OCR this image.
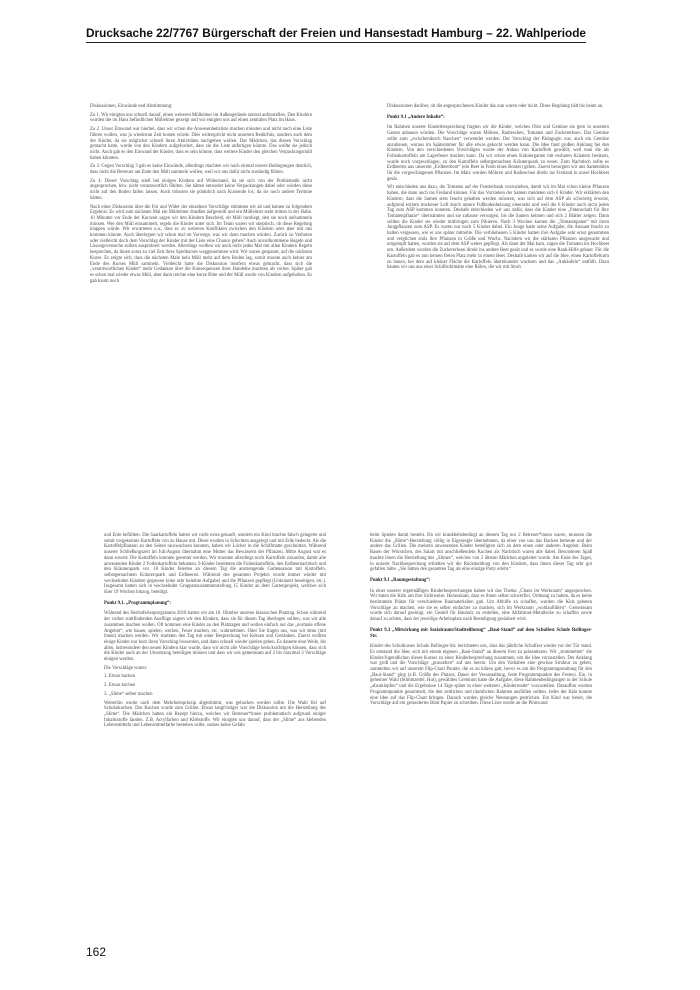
Drucksache 22/7767 Bürgerschaft der Freien und Hansestadt Hamburg – 22. Wahlperiode

Diskussionen, Einwände und Abstimmung:

Zu 1. Wir einigten uns schnell darauf, einen weiteren Mülleimer im Außengelände zentral aufzustellen. Den Kindern wurden die im Haus befindlichen Mülleimer gezeigt und wir einigten uns auf einen zentralen Platz im Haus.

Zu 2. Unser Einwand war hierbei, dass wir schon die Anwesenheitsliste machen müssten und nicht noch eine Liste führen wollen, was ja wiederum Zeit kosten würde. Dies widerspricht nicht unserem Bedürfnis, sondern auch dem der Kinder, da sie möglichst schnell ihren Aktivitäten nachgehen wollen. Das Mädchen, das diesen Vorschlag gemacht hatte, wurde von den Kindern aufgefordert, dass sie die Liste anfertigen könnte. Das wollte sie jedoch nicht. Auch gab es den Einwand der Kinder, dass es sein könnte, dass weitere Kinder den gleichen Verpackungsmüll haben könnten.

Zu 3. Gegen Vorschlag 3 gab es keine Einwände, allerdings machten wir noch einmal unsere Bedingungen deutlich, dass nicht die Betreuer am Ende den Müll sammeln wollen, weil wir uns dafür nicht zuständig fühlen.

Zu 4: Dieser Vorschlag stieß bei einigen Kindern auf Widerstand, da sie sich von der Problematik nicht angesprochen, bzw. nicht verantwortlich fühlten. Sie hätten entweder keine Verpackungen dabei oder würden diese nicht auf den Boden fallen lassen. Auch müssten sie pünktlich nach Kursende los, da sie noch andere Termine hätten.

Nach einer Diskussion über die Für und Wider der einzelnen Vorschläge stimmten wir ab und kamen zu folgendem Ergebnis: Es wird zum nächsten Mal ein Mülleimer draußen aufgestellt und ein Mülleimer steht mitten in der Halle. 10 Minuten vor Ende der Kurszeit sagen wir den Kindern Bescheid, ob Müll rumliegt, den sie noch aufsammeln müssen. Wer den Müll einsammelt, regeln die Kinder unter sich. Im Team waren wir skeptisch, ob diese Regelung klappen würde. Wir erwarteten u.a., dass es zu weiteren Konflikten zwischen den Kindern oder aber mit uns kommen könnte. Auch überlegten wir schon mal im Vorwege, was wir dann machen würden. Zurück zu Verboten oder vielleicht doch dem Vorschlag der Kinder mit der Liste eine Chance geben? Auch unvollkommene Regeln und Lösungsversuche sollten ausprobiert werden. Allerdings wollten wir auch nicht jedes Mal mit allen Kindern Regeln besprechen, da ihnen sonst zu viel Zeit ihres Spielkurses weggenommen wird. Wir waren gespannt, auf die nächsten Kurse. Es zeigte sich, dass die nächsten Male kein Müll mehr auf dem Boden lag, somit musste auch keiner am Ende des Kurses Müll sammeln. Vielleicht hatte die Diskussion insofern etwas gebracht, dass sich die „verantwortlichen Kinder“ mehr Gedanken über die Konsequenzen ihres Handelns machten als vorher. Später gab es schon mal wieder etwas Müll, aber dann reichte eine kurze Bitte und der Müll wurde von Kindern aufgehoben. Es gab kaum noch

Diskussionen darüber, ob die angesprochenen Kinder das nun waren oder nicht. Diese Regelung hält bis heute an.

Punkt 9.1 „Andere Inhalte“:

Im Rahmen unserer Kinderbesprechung fragten wir die Kinder, welches Obst und Gemüse sie gern in unserem Garten anbauen würden. Die Vorschläge waren Möhren, Radieschen, Tomaten und Zuckererbsen. Das Gemüse sollte zum „zwischendurch Naschen“ verwendet werden. Der Vorschlag der Pädagogin war, auch ein Gemüse anzubauen, woraus im Spätsommer für alle etwas gekocht werden kann. Die Idee fand großen Anklang bei den Kindern. Von den verschiedenen Vorschlägen wurde der Anbau von Kartoffeln gewählt, weil man die als Folienkartoffeln am Lagerfeuer machen kann. Da wir schon einen Kräutergarten mit essbaren Kräutern besitzen, wurde noch vorgeschlagen, zu den Kartoffeln selbstgemachten Kräuterquark zu essen. Zum Nachtisch sollte es Erdbeeren aus unserem „Erdbeerboot“ (ein Beet in Form eines Bootes) geben. Zuerst besorgten wir uns Samentüten für die vorgeschlagenen Pflanzen. Im März wurden Möhren und Radieschen direkt ins Freiland in unser Hochbeet gesät.

Wir entschieden uns dazu, die Tomaten auf der Fensterbank vorzuziehen, damit wir im Mai schon kleine Pflanzen haben, die dann auch ins Freiland können. Für das Vorziehen der Samen meldeten sich 6 Kinder. Wir erklärten den Kindern, dass die Samen stets feucht gehalten werden müssten, was sich auf dem ASP als schwierig erweist, aufgrund extrem trockener Luft durch unsere Fußbodenheizung einerseits und weil die 6 Kinder auch nicht jeden Tag zum ASP kommen konnten. Deshalb entschieden wir uns dafür, dass die Kinder eine „Patenschaft für Ihre Tomatenpflanze“ übernahmen und sie zuhause versorgen, bis die Samen keimen und sich 2 Blätter zeigen. Dann sollten die Kinder sie wieder mitbringen zum Pikieren. Nach 3 Wochen kamen die „Tomatenpaten“ mit ihren Jungpflanzen zum ASP. Es waren nur noch 5 Kinder dabei. Ein Junge hatte seine Aufgabe, die Aussaat feucht zu halten vergessen, wie er uns später mitteilte. Die verbliebenen 5 Kinder hatten ihre Aufgabe sehr ernst genommen und verglichen stolz ihre Pflanzen in Größe und Wuchs. Nachdem wir die stärksten Pflanzen ausgesucht und umgetopft hatten, wurden sie auf dem ASP weiter gepflegt. Als dann der Mai kam, zogen die Tomaten ins Hochbeet um. Außerdem wurden die Zuckererbsen direkt ins andere Beet gesät und es wurde eine Rank-Hilfe gebaut. Für die Kartoffeln gab es nun keinen freien Platz mehr in einem Beet. Deshalb kamen wir auf die Idee, einen Kartoffelturm zu bauen, bei dem auf kleiner Fläche die Kartoffeln übereinander wachsen und das „Anhäufeln“ entfällt. Dazu bauten wir uns aus einer Schilfrohrmatte eine Röhre, die wir mit Stroh

und Erde befüllten. Die Saatkartoffeln hatten wir nicht extra gekauft, sondern ein Kind brachte falsch gelagerte und somit vorgekeimte Kartoffeln von zu Hause mit. Diese wurden in Schichten ausgelegt und mit Erde bedeckt. Als die Kartoffelpflanzen an den Seiten rauswachsen konnten, haben wir Löcher in die Schilfmatte geschnitten. Während unserer Schließungszeit im Juli/August übernahm eine Mutter das Bewässern der Pflanzen. Mitte August war es dann soweit: Die Kartoffeln konnten geerntet werden. Wir mussten allerdings noch Kartoffeln zukaufen, damit alle anwesenden Kinder 2 Folienkartoffeln bekamen. 9 Kinder bereiteten die Folienkartoffeln, den Erdbeernachtisch und den Kräuterquark vor. 18 Kinder feierten an diesem Tag die anstrengende Gartensaison mit Kartoffeln, selbstgemachtem Kräuterquark und Erdbeeren. Während des gesamten Projekts wurde immer wieder mit wechselnden Kindern gegossen (eine sehr beliebte Aufgabe) und die Pflanzen gepflegt (Unkräuter beseitigen, etc.). Insgesamt hatten sich in wechselnder Gruppenzusammenstellung 15 Kinder an dem Gartenprojekt, welches sich über 19 Wochen hinzog, beteiligt.

Punkt 9.1. „Programmplanung“:

Während des Herbstferienprogramms 2018 hatten wir am 10. Oktober unseren klassischen Platztag. Schon während der vorher stattfindenden Ausflüge sagten wir den Kindern, dass sie für diesen Tag überlegen sollten, was wir alle zusammen machen wollen. Oft kommen eine Kinder an den Platztagen und wollen einfach nur das „normale offene Angebot“, wie bauen, spielen, werken, Feuer machen, etc. wahrnehmen. Oder Sie fragen uns, was wir denn (mit ihnen) machen werden. Wir starteten den Tag mit einer Besprechung bei Keksen und Getränken. Zuerst wollten einige Kinder nur kurz ihren Vorschlag loswerden, und dann schnell wieder spielen gehen. Es dauerte eine Weile, bis allen, insbesondere den neuen Kindern klar wurde, dass wir nicht alle Vorschläge berücksichtigen können, dass sich die Kinder auch an der Umsetzung beteiligen müssen und dass wir uns gemeinsam auf 2 bis maximal 3 Vorschläge einigen werden.

Die Vorschläge waren:

1. Etwas backen

2. Etwas kochen

3. „Slime“ selber machen

Weiterhin wurde nach dem Mehrheitsprinzip abgestimmt, was gebacken werden sollte. Die Wahl fiel auf Schokokuchen. Das Kochen wurde zum Grillen. Etwas langfristiger war die Diskussion um die Herstellung des „Slime“. Die Mädchen hatten ein Rezept hierzu, welches wir Betreuer*innen problematisch aufgrund einiger Inhaltsstoffe fanden. Z.B. Acrylfarben und Klebstoffe. Wir einigten uns darauf, dass der „Slime“ aus klebenden Lebensmitteln und Lebensmittelfarbe bestehen sollte, sodass keine Gefahr

beim Spielen damit besteht. Da wir krankheitsbedingt an diesem Tag nur 2 Betreuer*innen waren, mussten die Kinder die „Slime“-Herstellung völlig in Eigenregie übernehmen, da einer von uns das Backen betreute und der andere das Grillen. Die meisten anwesenden Kinder beteiligten sich an dem einen oder anderen Angebot. Beim Rasen der Würstchen, des Salats mit anschließendem Kuchen als Nachtisch waren alle dabei. Besonderen Spaß machte ihnen die Herstellung des „Slimes“, welches von 2 älteren Mädchen angeleitet wurde. Am Ende des Tages, in unserer Nachbesprechung erhielten wir die Rückmeldung von den Kindern, dass ihnen dieser Tag sehr gut gefallen hätte. „Sie hätten den gesamten Tag als eine einzige Party erlebt.“

Punkt 9.1 „Raumgestaltung“:

In einer unserer regelmäßigen Kinderbesprechungen haben wir das Thema „Chaos im Werkraum“ angesprochen. Wir baten die Kids um ihre Sichtweise. Herauskam, dass es ihnen selbst schwerfiel, Ordnung zu halten, da es keine bestimmten Plätze für verschiedene Baumaterialien gab. Um Abhilfe zu schaffen, wurden die Kids gebeten Vorschläge zu machen, wie sie es selbst einfacher zu machen, sich im Werkraum „wohlzufühlen“. Gemeinsam wurde sich darauf geeinigt, ein Gestell für Bauholz zu erstellen, eine Altfahrrad-Metallecke zu schaffen sowie darauf zu achten, dass der jeweilige Arbeitsplatz nach Beendigung gesäubert wird.

Punkt 9.3 „Mitwirkung mit Sozialraum/Stadtteilbezug“ „Baui-Stand“ auf dem Schulfest Schule Rellinger-Str.

Kinder des Schulkurses Schule Rellinger-Str. berichteten uns, dass das jährliche Schulfest wieder vor der Tür stand. Es entstand die Idee, sich mit einem eigenen „Baui-Stand“ an diesem Fest zu präsentieren. Wir „trommelten“ die Kinder/Jugendlichen dieses Kurses zu einer Kinderbesprechung zusammen, um die Idee vorzustellen. Der Anklang war groß und die Vorschläge „prasselten“ auf uns herein. Um den Vorhaben eine gewisse Struktur zu geben, sammelten wir auf unserem Flip-Chart Punkte, die es zu klären galt, bevor es um die Programmgestaltung für den „Baui-Stand“ ging (z.B. Größe des Platzes, Dauer der Veranstaltung, feste Programmpunkte des Festes). Ein, in geheimer Wahl (Stimmzettel, Hut), gewähltes Gremium hatte die Aufgabe, diese Rahmenbedingungen in der Schule „abzuklopfen“ und die Ergebnisse 14 Tage später in einer weiteren „Kinderrunde“ vorzustellen. Daraufhin wurden Programmpunkte gesammelt, die den zeitlichen und räumlichen Rahmen ausfüllen sollten. Jedes der Kids konnte eine Idee auf das Flip-Chart bringen. Danach wurden gleiche Nennungen gestrichen. Ein Kind war bereit, die Vorschläge auf ein gesondertes Blatt Papier zu schreiben. Diese Liste wurde an die Pinnwand

162
